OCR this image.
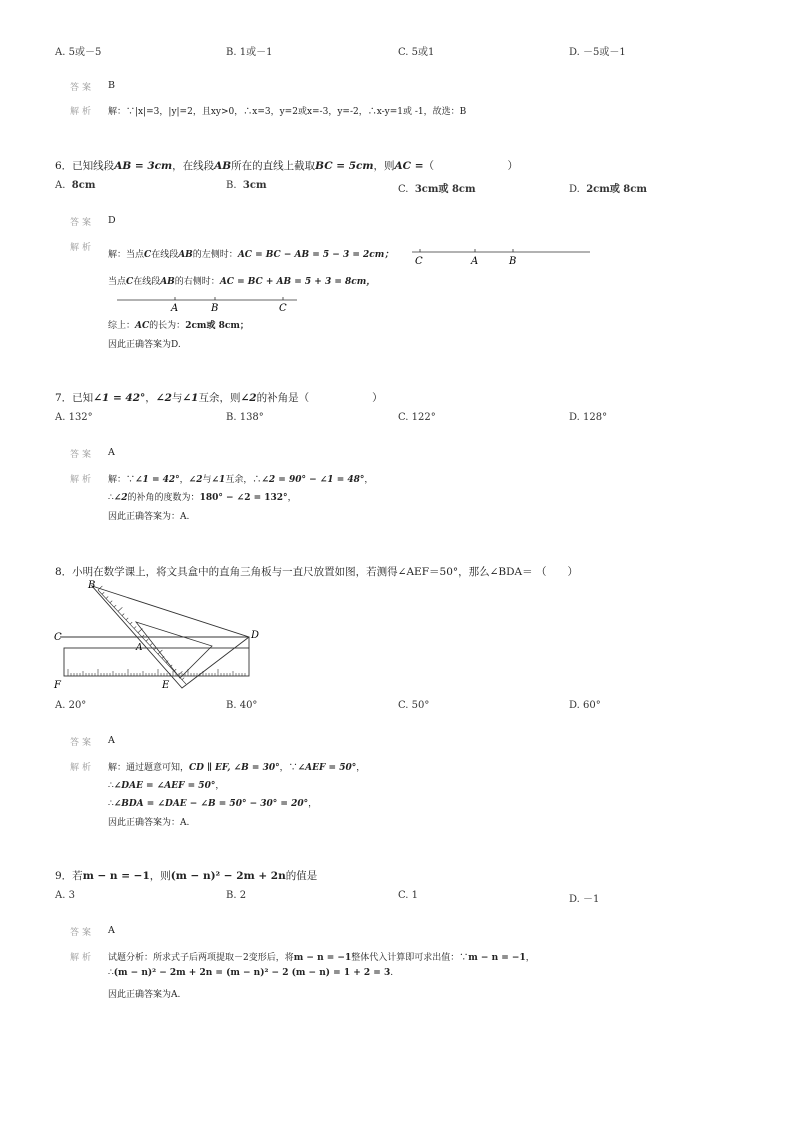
A. 5或－5	B. 1或－1	C. 5或1	D. －5或－1
答案 B
解析 解：∵|x|=3，|y|=2，且xy>0，∴x=3，y=2或x=-3，y=-2，∴x-y=1或 -1，故选：B
6．已知线段AB = 3cm，在线段AB所在的直线上截取BC = 5cm，则AC =（　　　　　　　）
A. 8cm	B. 3cm	C. 3cm或 8cm	D. 2cm或 8cm
答案 D
解析
解：当点C在线段AB的左侧时：AC = BC − AB = 5 − 3 = 2cm；
C	A	B
当点C在线段AB的右侧时：AC = BC + AB = 5 + 3 = 8cm，
A	B	C
综上：AC的长为：2cm或 8cm；
因此正确答案为D.
7．已知∠1 = 42°，∠2与∠1互余，则∠2的补角是（　　　　　　）
A. 132°	B. 138°	C. 122°	D. 128°
答案 A
解析 解：∵∠1 = 42°，∠2与∠1互余，∴∠2 = 90° − ∠1 = 48°，
∴∠2的补角的度数为：180° − ∠2 = 132°，
因此正确答案为：A.
8．小明在数学课上，将文具盒中的直角三角板与一直尺放置如图，若测得∠AEF＝50°，那么∠BDA＝ （　　）
B
C	D
A
F	E
A. 20°	B. 40°	C. 50°	D. 60°
答案 A
解析 解：通过题意可知，CD ∥ EF, ∠B = 30°，∵∠AEF = 50°，
∴∠DAE = ∠AEF = 50°，
∴∠BDA = ∠DAE − ∠B = 50° − 30° = 20°，
因此正确答案为：A.
9．若m − n = −1，则(m − n)² − 2m + 2n的值是
A. 3	B. 2	C. 1	D. －1
答案 A
解析 试题分析：所求式子后两项提取－2变形后，将m − n = −1整体代入计算即可求出值：∵m − n = −1，
∴(m − n)² − 2m + 2n = (m − n)² − 2 (m − n) = 1 + 2 = 3.
因此正确答案为A.
